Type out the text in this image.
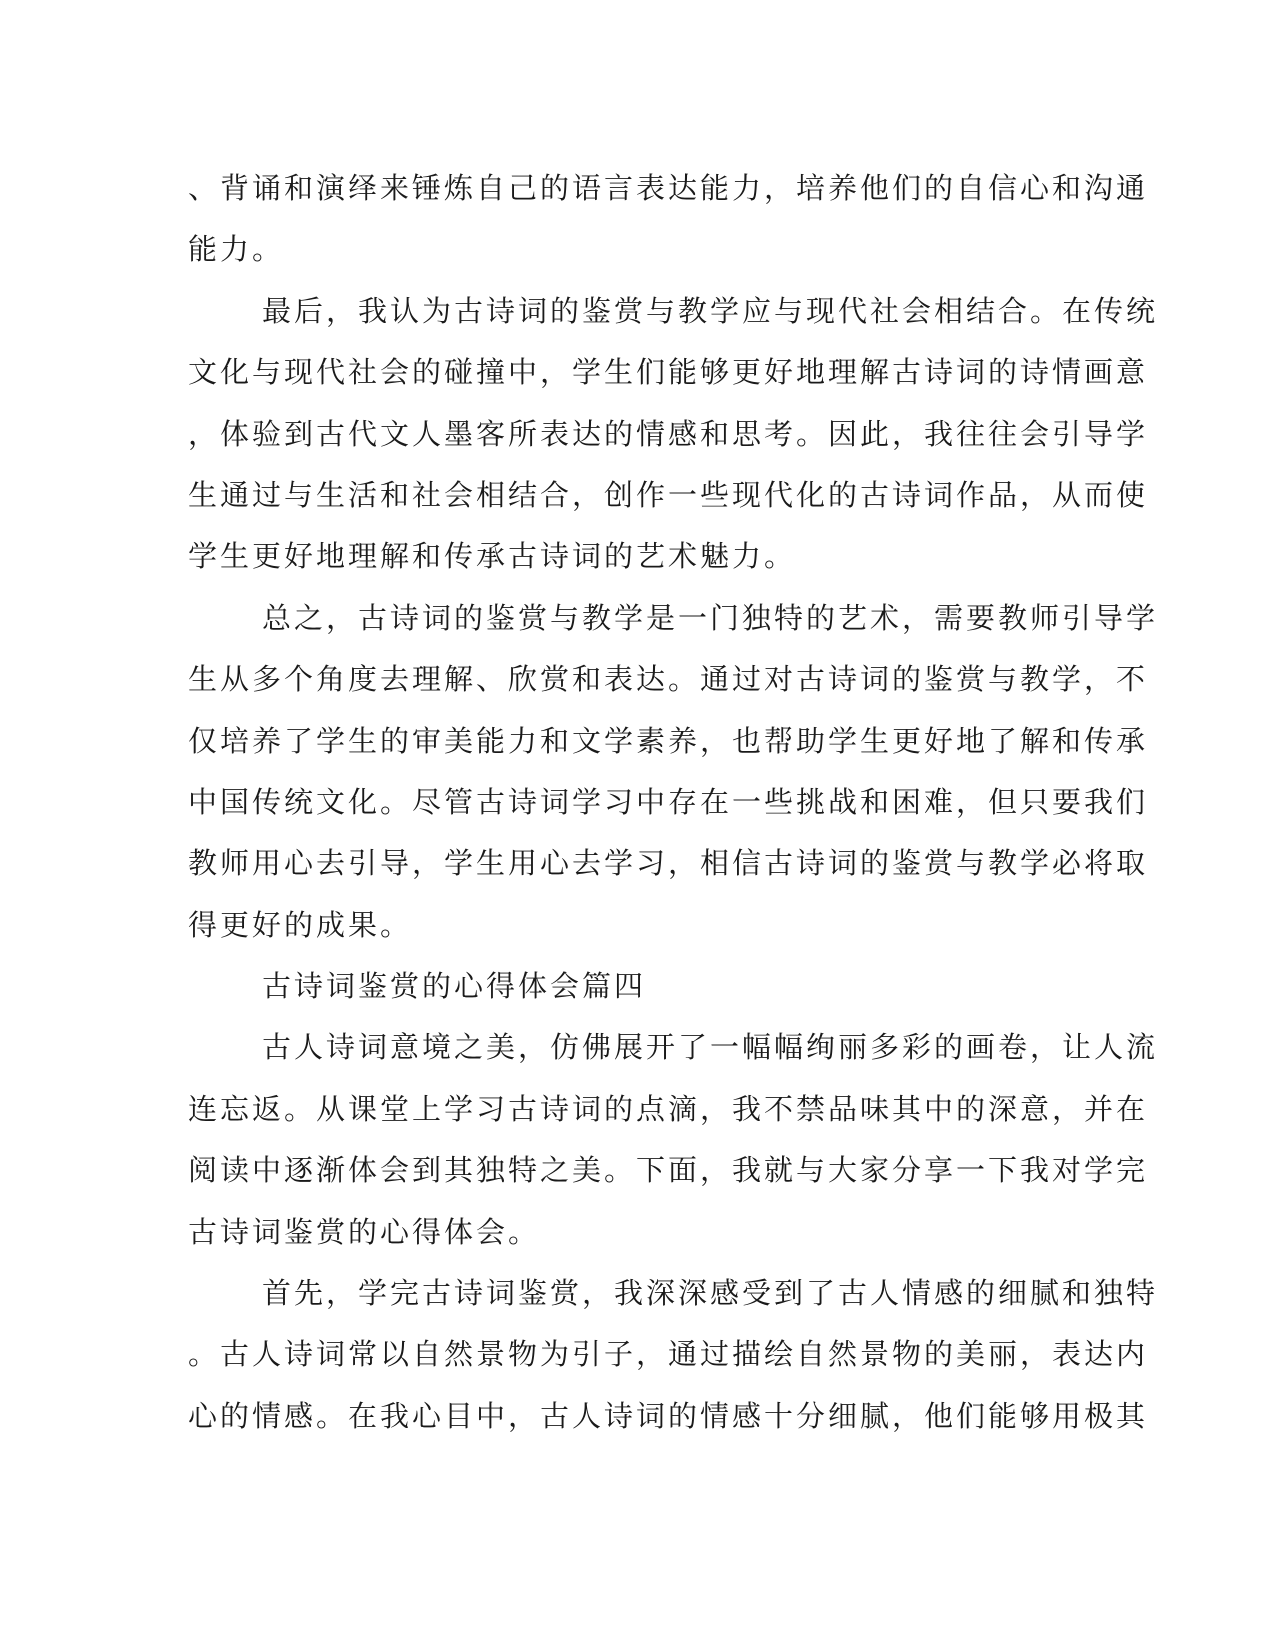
、背诵和演绎来锤炼自己的语言表达能力，培养他们的自信心和沟通
能力。
最后，我认为古诗词的鉴赏与教学应与现代社会相结合。在传统
文化与现代社会的碰撞中，学生们能够更好地理解古诗词的诗情画意
，体验到古代文人墨客所表达的情感和思考。因此，我往往会引导学
生通过与生活和社会相结合，创作一些现代化的古诗词作品，从而使
学生更好地理解和传承古诗词的艺术魅力。
总之，古诗词的鉴赏与教学是一门独特的艺术，需要教师引导学
生从多个角度去理解、欣赏和表达。通过对古诗词的鉴赏与教学，不
仅培养了学生的审美能力和文学素养，也帮助学生更好地了解和传承
中国传统文化。尽管古诗词学习中存在一些挑战和困难，但只要我们
教师用心去引导，学生用心去学习，相信古诗词的鉴赏与教学必将取
得更好的成果。
古诗词鉴赏的心得体会篇四
古人诗词意境之美，仿佛展开了一幅幅绚丽多彩的画卷，让人流
连忘返。从课堂上学习古诗词的点滴，我不禁品味其中的深意，并在
阅读中逐渐体会到其独特之美。下面，我就与大家分享一下我对学完
古诗词鉴赏的心得体会。
首先，学完古诗词鉴赏，我深深感受到了古人情感的细腻和独特
。古人诗词常以自然景物为引子，通过描绘自然景物的美丽，表达内
心的情感。在我心目中，古人诗词的情感十分细腻，他们能够用极其
